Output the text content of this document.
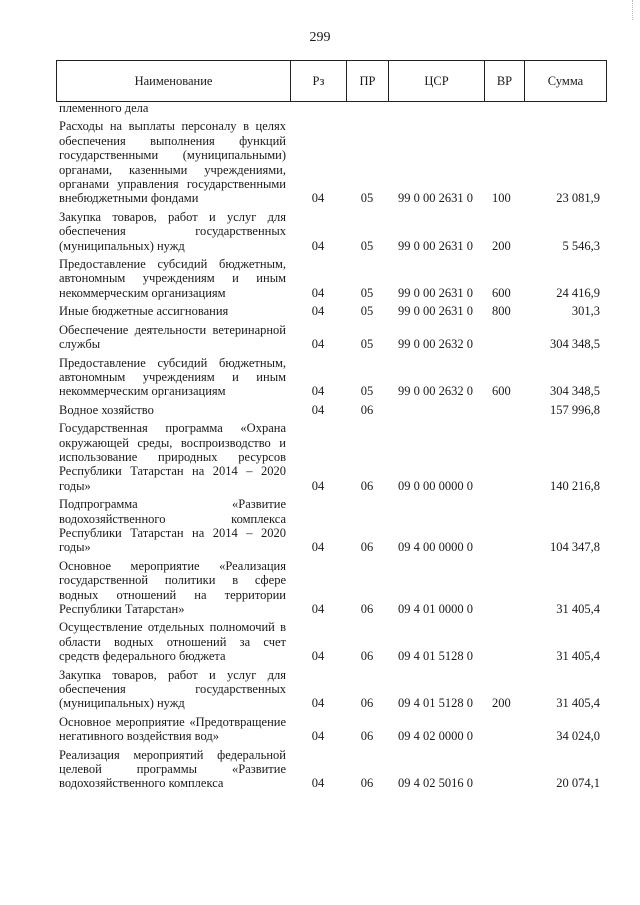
299
Наименование	Рз	ПР	ЦСР	ВР	Сумма
племенного дела					

Расходы на выплаты персоналу в целях обеспечения выполнения функций государственными (муниципальными) органами, казенными учреждениями, органами управления государственными внебюджетными фондами	04	05	99 0 00 2631 0	100	23 081,9

Закупка товаров, работ и услуг для обеспечения государственных (муниципальных) нужд	04	05	99 0 00 2631 0	200	5 546,3

Предоставление субсидий бюджетным, автономным учреждениям и иным некоммерческим организациям	04	05	99 0 00 2631 0	600	24 416,9

Иные бюджетные ассигнования	04	05	99 0 00 2631 0	800	301,3

Обеспечение деятельности ветеринарной службы	04	05	99 0 00 2632 0		304 348,5

Предоставление субсидий бюджетным, автономным учреждениям и иным некоммерческим организациям	04	05	99 0 00 2632 0	600	304 348,5

Водное хозяйство	04	06			157 996,8

Государственная программа «Охрана окружающей среды, воспроизводство и использование природных ресурсов Республики Татарстан на 2014 – 2020 годы»	04	06	09 0 00 0000 0		140 216,8

Подпрограмма «Развитие водохозяйственного комплекса Республики Татарстан на 2014 – 2020 годы»	04	06	09 4 00 0000 0		104 347,8

Основное мероприятие «Реализация государственной политики в сфере водных отношений на территории Республики Татарстан»	04	06	09 4 01 0000 0		31 405,4

Осуществление отдельных полномочий в области водных отношений за счет средств федерального бюджета	04	06	09 4 01 5128 0		31 405,4

Закупка товаров, работ и услуг для обеспечения государственных (муниципальных) нужд	04	06	09 4 01 5128 0	200	31 405,4

Основное мероприятие «Предотвращение негативного воздействия вод»	04	06	09 4 02 0000 0		34 024,0

Реализация мероприятий федеральной целевой программы «Развитие водохозяйственного комплекса	04	06	09 4 02 5016 0		20 074,1
